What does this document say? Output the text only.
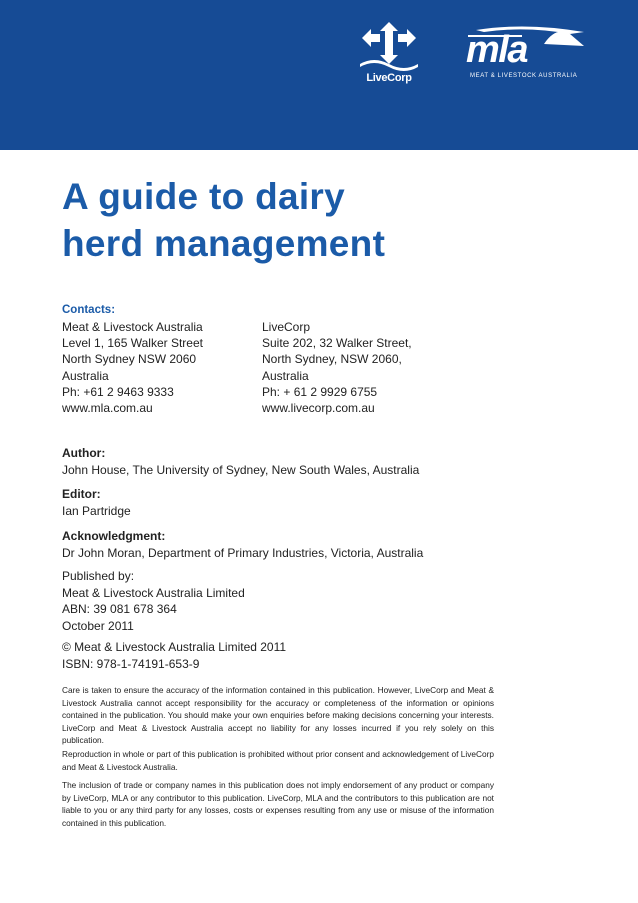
LiveCorp
mla
MEAT & LIVESTOCK AUSTRALIA
A guide to dairy
herd management
Contacts:
Meat & Livestock Australia
Level 1, 165 Walker Street
North Sydney NSW 2060
Australia
Ph: +61 2 9463 9333
www.mla.com.au
LiveCorp
Suite 202, 32 Walker Street,
North Sydney, NSW 2060,
Australia
Ph: + 61 2 9929 6755
www.livecorp.com.au
Author:
John House, The University of Sydney, New South Wales, Australia
Editor:
Ian Partridge
Acknowledgment:
Dr John Moran, Department of Primary Industries, Victoria, Australia
Published by:
Meat & Livestock Australia Limited
ABN: 39 081 678 364
October 2011
© Meat & Livestock Australia Limited 2011
ISBN: 978-1-74191-653-9

Care is taken to ensure the accuracy of the information contained in this publication. However, LiveCorp and Meat & Livestock Australia cannot accept responsibility for the accuracy or completeness of the information or opinions contained in the publication. You should make your own enquiries before making decisions concerning your interests. LiveCorp and Meat & Livestock Australia accept no liability for any losses incurred if you rely solely on this publication.

Reproduction in whole or part of this publication is prohibited without prior consent and acknowledgement of LiveCorp and Meat & Livestock Australia.

The inclusion of trade or company names in this publication does not imply endorsement of any product or company by LiveCorp, MLA or any contributor to this publication. LiveCorp, MLA and the contributors to this publication are not liable to you or any third party for any losses, costs or expenses resulting from any use or misuse of the information contained in this publication.
